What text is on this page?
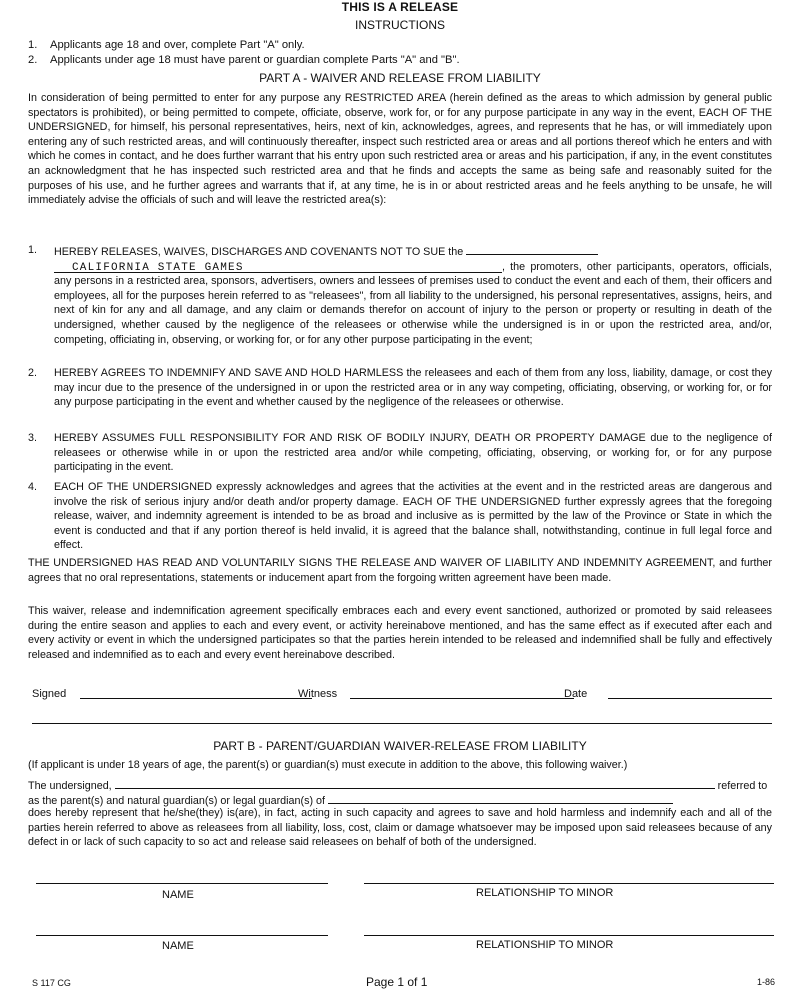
THIS IS A RELEASE
INSTRUCTIONS
1. Applicants age 18 and over, complete Part "A" only.
2. Applicants under age 18 must have parent or guardian complete Parts "A" and "B".
PART A - WAIVER AND RELEASE FROM LIABILITY

In consideration of being permitted to enter for any purpose any RESTRICTED AREA (herein defined as the areas to which admission by general public spectators is prohibited), or being permitted to compete, officiate, observe, work for, or for any purpose participate in any way in the event, EACH OF THE UNDERSIGNED, for himself, his personal representatives, heirs, next of kin, acknowledges, agrees, and represents that he has, or will immediately upon entering any of such restricted areas, and will continuously thereafter, inspect such restricted area or areas and all portions thereof which he enters and with which he comes in contact, and he does further warrant that his entry upon such restricted area or areas and his participation, if any, in the event constitutes an acknowledgment that he has inspected such restricted area and that he finds and accepts the same as being safe and reasonably suited for the purposes of his use, and he further agrees and warrants that if, at any time, he is in or about restricted areas and he feels anything to be unsafe, he will immediately advise the officials of such and will leave the restricted area(s):

1.	HEREBY RELEASES, WAIVES, DISCHARGES AND COVENANTS NOT TO SUE the
CALIFORNIA STATE GAMES	, the promoters, other participants, operators, officials, any persons in a restricted area, sponsors, advertisers, owners and lessees of premises used to conduct the event and each of them, their officers and employees, all for the purposes herein referred to as "releasees", from all liability to the undersigned, his personal representatives, assigns, heirs, and next of kin for any and all damage, and any claim or demands therefor on account of injury to the person or property or resulting in death of the undersigned, whether caused by the negligence of the releasees or otherwise while the undersigned is in or upon the restricted area, and/or, competing, officiating in, observing, or working for, or for any other purpose participating in the event;
2.	HEREBY AGREES TO INDEMNIFY AND SAVE AND HOLD HARMLESS the releasees and each of them from any loss, liability, damage, or cost they may incur due to the presence of the undersigned in or upon the restricted area or in any way competing, officiating, observing, or working for, or for any purpose participating in the event and whether caused by the negligence of the releasees or otherwise.
3.	HEREBY ASSUMES FULL RESPONSIBILITY FOR AND RISK OF BODILY INJURY, DEATH OR PROPERTY DAMAGE due to the negligence of releasees or otherwise while in or upon the restricted area and/or while competing, officiating, observing, or working for, or for any purpose participating in the event.
4.	EACH OF THE UNDERSIGNED expressly acknowledges and agrees that the activities at the event and in the restricted areas are dangerous and involve the risk of serious injury and/or death and/or property damage. EACH OF THE UNDERSIGNED further expressly agrees that the foregoing release, waiver, and indemnity agreement is intended to be as broad and inclusive as is permitted by the law of the Province or State in which the event is conducted and that if any portion thereof is held invalid, it is agreed that the balance shall, notwithstanding, continue in full legal force and effect.

THE UNDERSIGNED HAS READ AND VOLUNTARILY SIGNS THE RELEASE AND WAIVER OF LIABILITY AND INDEMNITY AGREEMENT, and further agrees that no oral representations, statements or inducement apart from the forgoing written agreement have been made.

This waiver, release and indemnification agreement specifically embraces each and every event sanctioned, authorized or promoted by said releasees during the entire season and applies to each and every event, or activity hereinabove mentioned, and has the same effect as if executed after each and every activity or event in which the undersigned participates so that the parties herein intended to be released and indemnified shall be fully and effectively released and indemnified as to each and every event hereinabove described.

Signed	Witness	Date
PART B - PARENT/GUARDIAN WAIVER-RELEASE FROM LIABILITY
(If applicant is under 18 years of age, the parent(s) or guardian(s) must execute in addition to the above, this following waiver.)
The undersigned,	referred to
as the parent(s) and natural guardian(s) or legal guardian(s) of

does hereby represent that he/she(they) is(are), in fact, acting in such capacity and agrees to save and hold harmless and indemnify each and all of the parties herein referred to above as releasees from all liability, loss, cost, claim or damage whatsoever may be imposed upon said releasees because of any defect in or lack of such capacity to so act and release said releasees on behalf of both of the undersigned.

NAME	RELATIONSHIP TO MINOR
NAME	RELATIONSHIP TO MINOR
S 117 CG	Page 1 of 1	1-86
